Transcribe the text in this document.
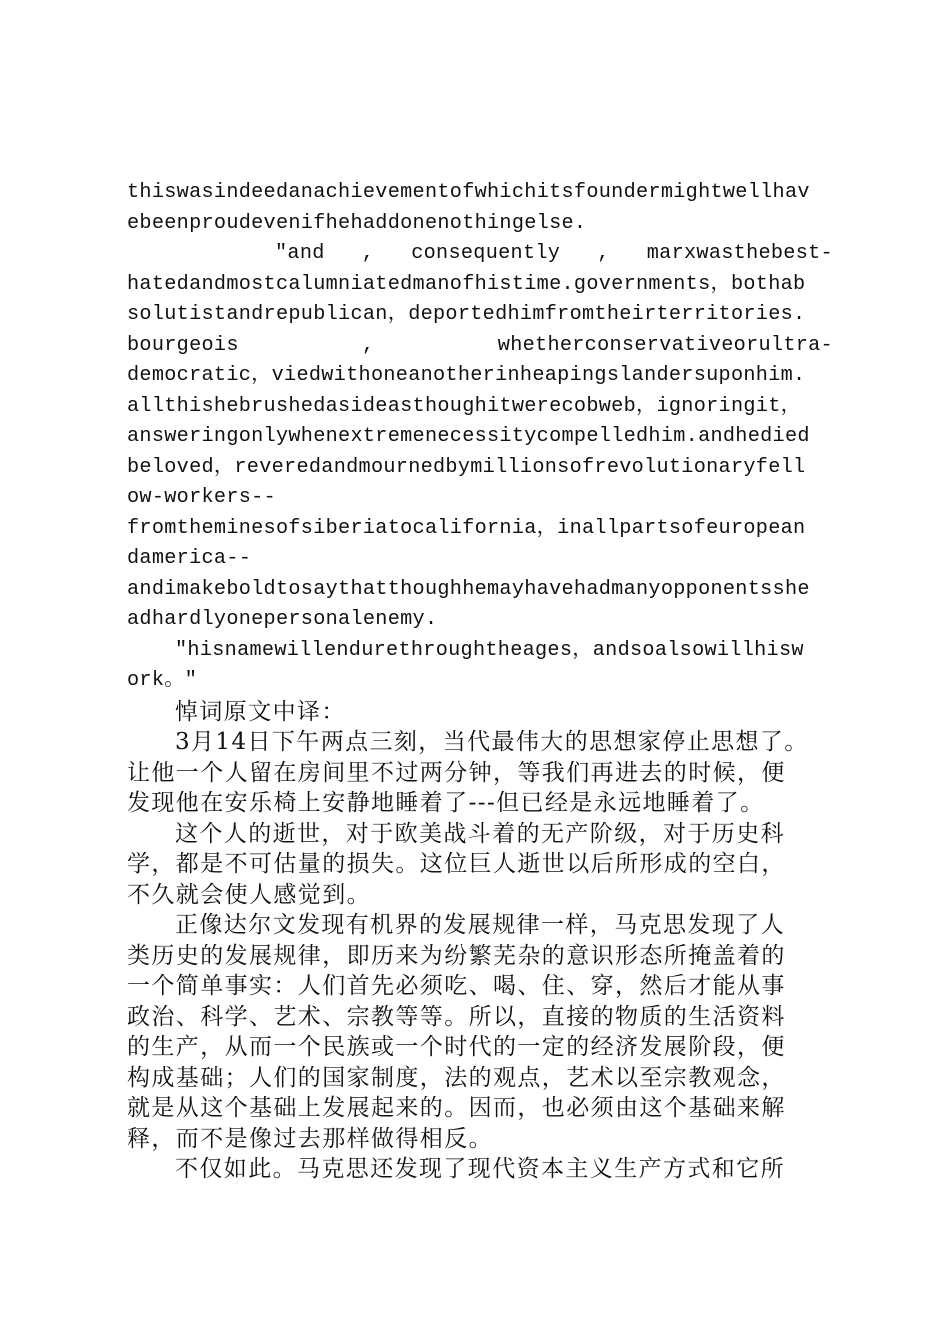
thiswasindeedanachievementofwhichitsfoundermightwellhav
ebeenproudevenifhehaddonenothingelse.
"and , consequently , marxwasthebest-
hatedandmostcalumniatedmanofhistime.governments，bothab
solutistandrepublican，deportedhimfromtheirterritories.
bourgeois	,	whetherconservativeorultra-
democratic，viedwithoneanotherinheapingslandersuponhim.
allthishebrushedasideasthoughitwerecobweb，ignoringit，
answeringonlywhenextremenecessitycompelledhim.andhedied
beloved，reveredandmournedbymillionsofrevolutionaryfell
ow-workers--
fromtheminesofsiberiatocalifornia，inallpartsofeuropean
damerica--
andimakeboldtosaythatthoughhemayhavehadmanyopponentsshe
adhardlyonepersonalenemy.
"hisnamewillendurethroughtheages，andsoalsowillhisw
ork。"
悼词原文中译：
3月14日下午两点三刻，当代最伟大的思想家停止思想了。
让他一个人留在房间里不过两分钟，等我们再进去的时候，便
发现他在安乐椅上安静地睡着了---但已经是永远地睡着了。
这个人的逝世，对于欧美战斗着的无产阶级，对于历史科
学，都是不可估量的损失。这位巨人逝世以后所形成的空白，
不久就会使人感觉到。
正像达尔文发现有机界的发展规律一样，马克思发现了人
类历史的发展规律，即历来为纷繁芜杂的意识形态所掩盖着的
一个简单事实：人们首先必须吃、喝、住、穿，然后才能从事
政治、科学、艺术、宗教等等。所以，直接的物质的生活资料
的生产，从而一个民族或一个时代的一定的经济发展阶段，便
构成基础；人们的国家制度，法的观点，艺术以至宗教观念，
就是从这个基础上发展起来的。因而，也必须由这个基础来解
释，而不是像过去那样做得相反。
不仅如此。马克思还发现了现代资本主义生产方式和它所
